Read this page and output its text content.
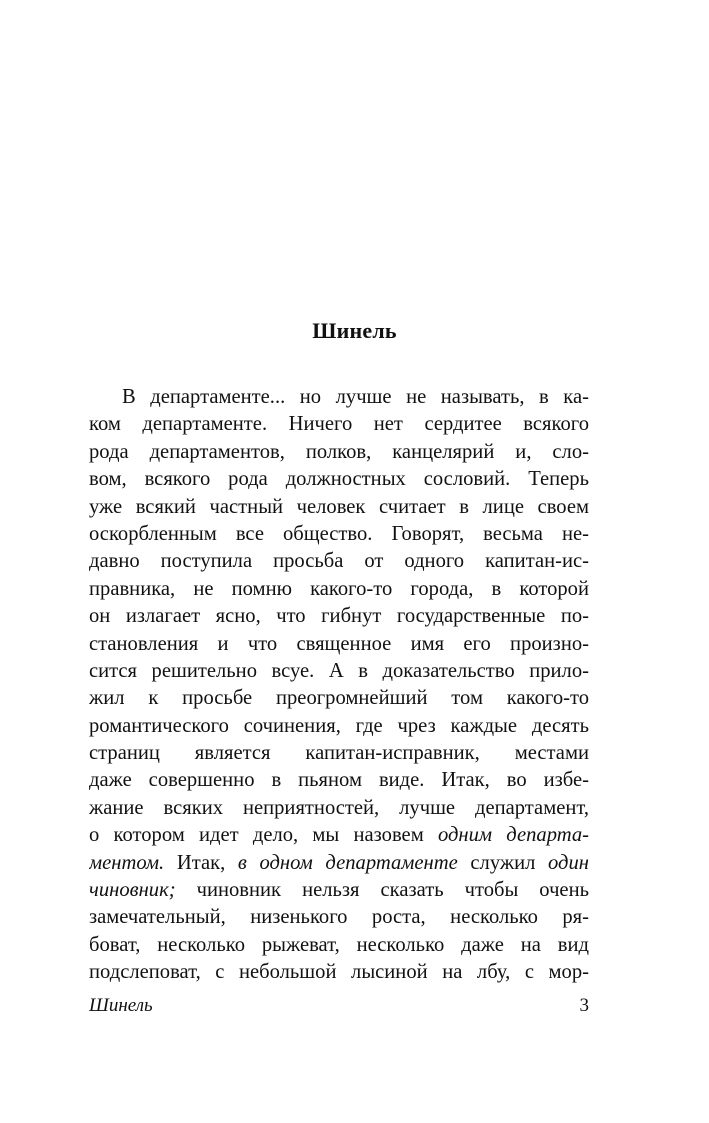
Шинель
В департаменте... но лучше не называть, в ка-
ком департаменте. Ничего нет сердитее всякого
рода департаментов, полков, канцелярий и, сло-
вом, всякого рода должностных сословий. Теперь
уже всякий частный человек считает в лице своем
оскорбленным все общество. Говорят, весьма не-
давно поступила просьба от одного капитан-ис-
правника, не помню какого-то города, в которой
он излагает ясно, что гибнут государственные по-
становления и что священное имя его произно-
сится решительно всуе. А в доказательство прило-
жил к просьбе преогромнейший том какого-то
романтического сочинения, где чрез каждые десять
страниц является капитан-исправник, местами
даже совершенно в пьяном виде. Итак, во избе-
жание всяких неприятностей, лучше департамент,
о котором идет дело, мы назовем одним департа-
ментом. Итак, в одном департаменте служил один
чиновник; чиновник нельзя сказать чтобы очень
замечательный, низенького роста, несколько ря-
боват, несколько рыжеват, несколько даже на вид
подслеповат, с небольшой лысиной на лбу, с мор-
Шинель	3
